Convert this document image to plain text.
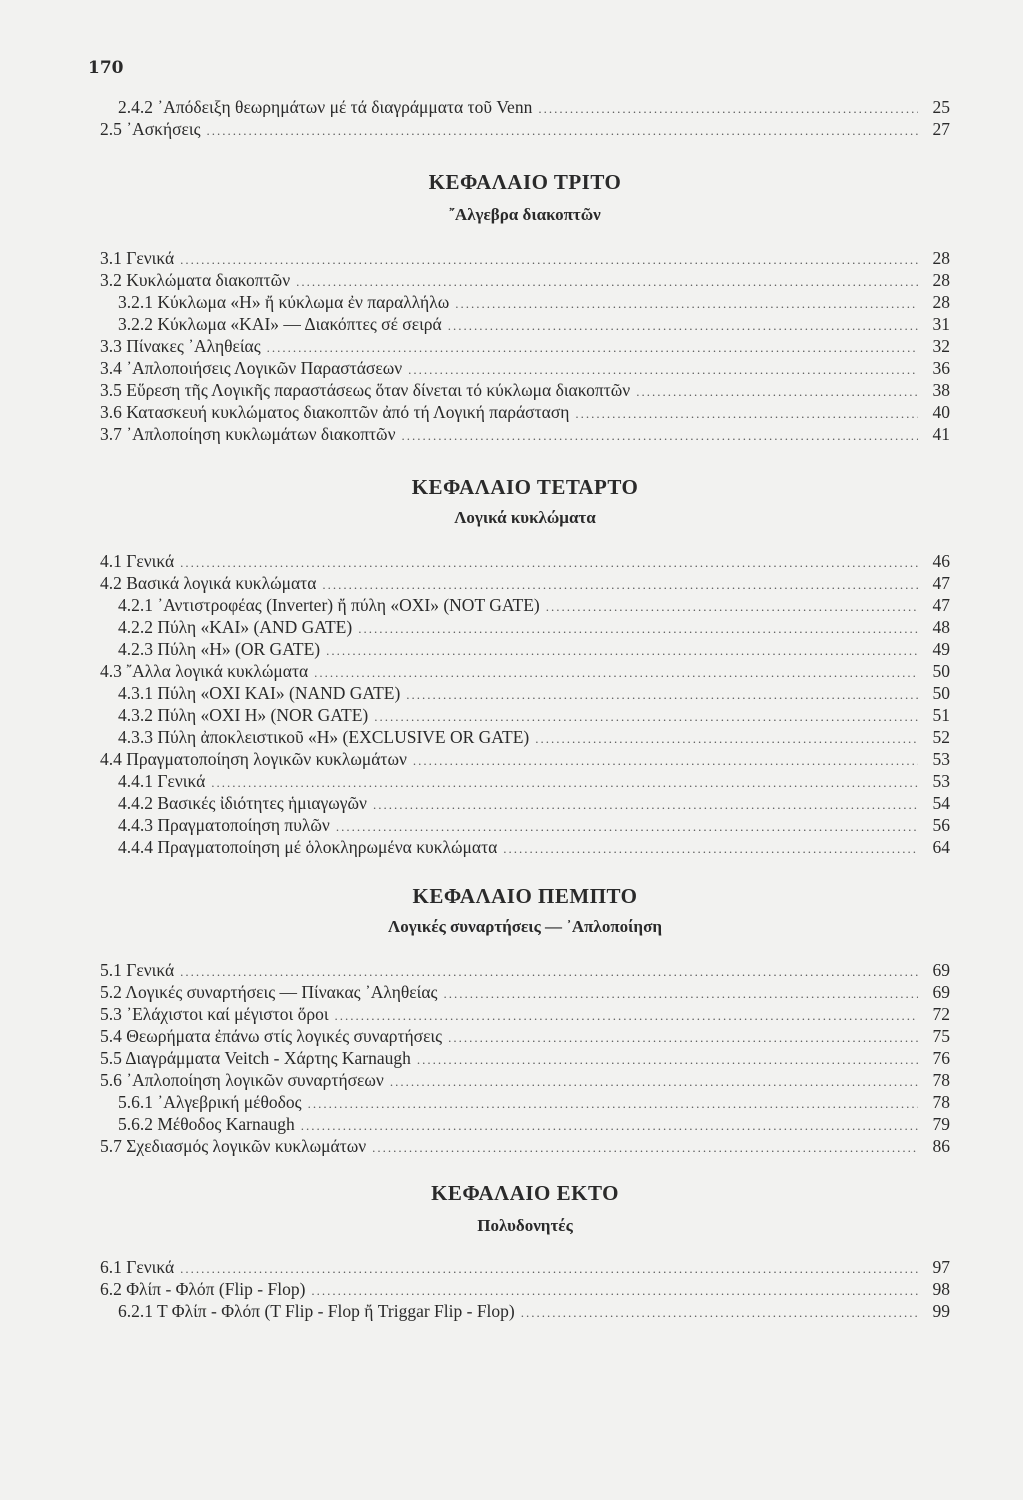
170
2.4.2 ᾿Απόδειξη θεωρημάτων μέ τά διαγράμματα τοῦ Venn .....	25
2.5 ᾿Ασκήσεις .....	27
ΚΕΦΑΛΑΙΟ ΤΡΙΤΟ
῎Αλγεβρα διακοπτῶν
3.1 Γενικά .....	28
3.2 Κυκλώματα διακοπτῶν .....	28
3.2.1 Κύκλωμα «Η» ἤ κύκλωμα ἐν παραλλήλω .....	28
3.2.2 Κύκλωμα «ΚΑΙ» — Διακόπτες σέ σειρά .....	31
3.3 Πίνακες ᾿Αληθείας .....	32
3.4 ᾿Απλοποιήσεις Λογικῶν Παραστάσεων .....	36
3.5 Εὕρεση τῆς Λογικῆς παραστάσεως ὅταν δίνεται τό κύκλωμα διακοπτῶν .....	38
3.6 Κατασκευή κυκλώματος διακοπτῶν ἀπό τή Λογική παράσταση .....	40
3.7 ᾿Απλοποίηση κυκλωμάτων διακοπτῶν .....	41
ΚΕΦΑΛΑΙΟ ΤΕΤΑΡΤΟ
Λογικά κυκλώματα
4.1 Γενικά .....	46
4.2 Βασικά λογικά κυκλώματα .....	47
4.2.1 ᾿Αντιστροφέας (Inverter) ἤ πύλη «ΟΧΙ» (NOT GATE) .....	47
4.2.2 Πύλη «ΚΑΙ» (AND GATE) .....	48
4.2.3 Πύλη «Η» (OR GATE) .....	49
4.3 ῎Αλλα λογικά κυκλώματα .....	50
4.3.1 Πύλη «ΟΧΙ ΚΑΙ» (NAND GATE) .....	50
4.3.2 Πύλη «ΟΧΙ Η» (NOR GATE) .....	51
4.3.3 Πύλη ἀποκλειστικοῦ «Η» (EXCLUSIVE OR GATE) .....	52
4.4 Πραγματοποίηση λογικῶν κυκλωμάτων .....	53
4.4.1 Γενικά .....	53
4.4.2 Βασικές ἰδιότητες ἡμιαγωγῶν .....	54
4.4.3 Πραγματοποίηση πυλῶν .....	56
4.4.4 Πραγματοποίηση μέ ὁλοκληρωμένα κυκλώματα .....	64
ΚΕΦΑΛΑΙΟ ΠΕΜΠΤΟ
Λογικές συναρτήσεις — ᾿Απλοποίηση
5.1 Γενικά .....	69
5.2 Λογικές συναρτήσεις — Πίνακας ᾿Αληθείας .....	69
5.3 ᾿Ελάχιστοι καί μέγιστοι ὅροι .....	72
5.4 Θεωρήματα ἐπάνω στίς λογικές συναρτήσεις .....	75
5.5 Διαγράμματα Veitch - Χάρτης Karnaugh .....	76
5.6 ᾿Απλοποίηση λογικῶν συναρτήσεων .....	78
5.6.1 ᾿Αλγεβρική μέθοδος .....	78
5.6.2 Μέθοδος Karnaugh .....	79
5.7 Σχεδιασμός λογικῶν κυκλωμάτων .....	86
ΚΕΦΑΛΑΙΟ ΕΚΤΟ
Πολυδονητές
6.1 Γενικά .....	97
6.2 Φλίπ - Φλόπ (Flip - Flop) .....	98
6.2.1 T Φλίπ - Φλόπ (T Flip - Flop ἤ Triggar Flip - Flop) .....	99
